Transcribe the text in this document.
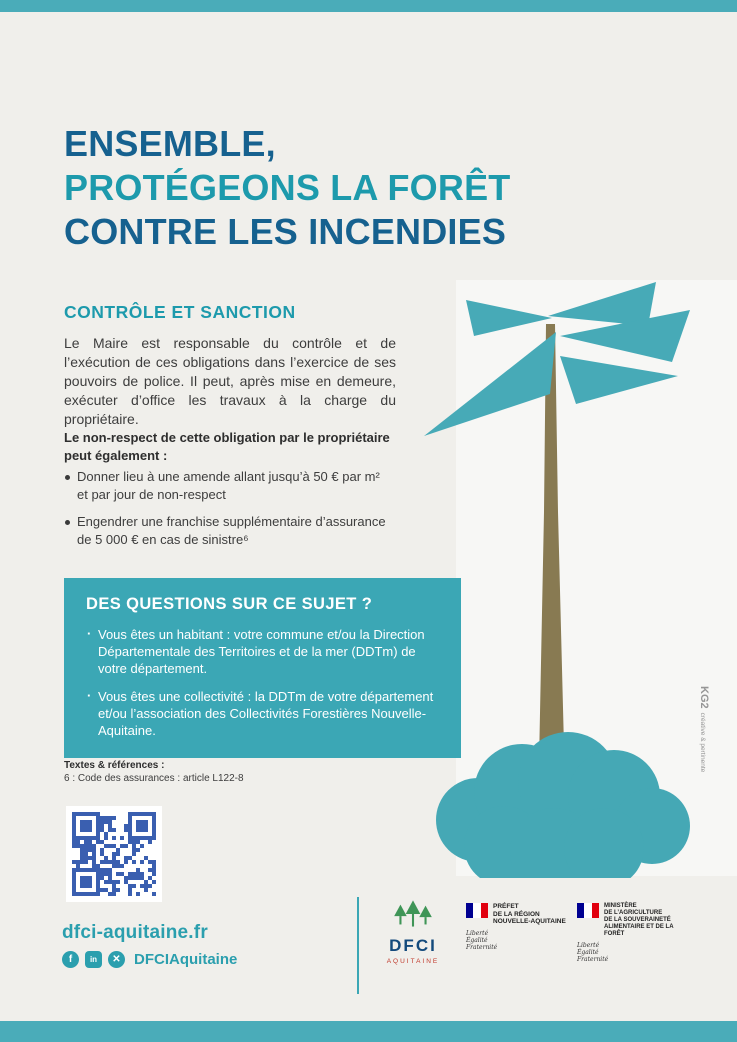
ENSEMBLE,
PROTÉGEONS LA FORÊT
CONTRE LES INCENDIES
CONTRÔLE ET SANCTION

Le Maire est responsable du contrôle et de l’exécution de ces obligations dans l’exercice de ses pouvoirs de police. Il peut, après mise en demeure, exécuter d’office les travaux à la charge du propriétaire.

Le non-respect de cette obligation par le propriétaire peut également :

Donner lieu à une amende allant jusqu’à 50 € par m² et par jour de non-respect
Engendrer une franchise supplémentaire d’assurance de 5 000 € en cas de sinistre⁶
DES QUESTIONS SUR CE SUJET ?
· Vous êtes un habitant : votre commune et/ou la Direction Départementale des Territoires et de la mer (DDTm) de votre département.
· Vous êtes une collectivité : la DDTm de votre département et/ou l’association des Collectivités Forestières Nouvelle-Aquitaine.
Textes & références :
6 : Code des assurances : article L122-8
dfci-aquitaine.fr
f	in	✕ DFCIAquitaine
DFCI
AQUITAINE
PRÉFET
DE LA RÉGION
NOUVELLE-AQUITAINE
Liberté Égalité Fraternité
MINISTÈRE
DE L’AGRICULTURE
DE LA SOUVERAINETÉ
ALIMENTAIRE ET DE LA FORÊT
Liberté Égalité Fraternité
KG2
créative & pertinente
